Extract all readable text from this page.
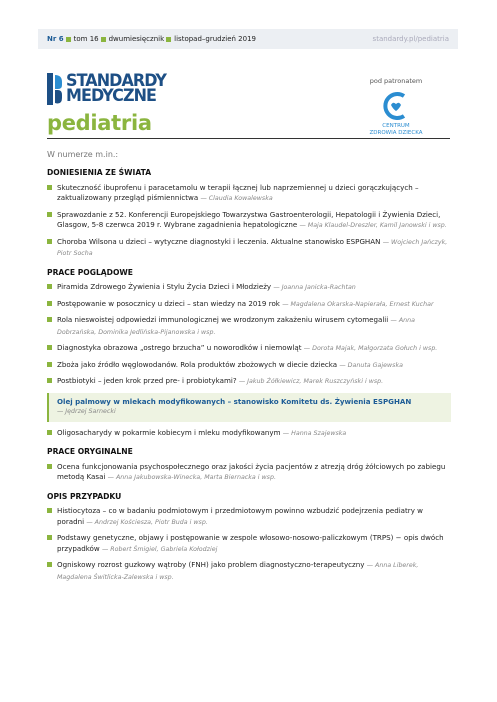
Nr 6 tom 16 dwumiesięcznik listopad–grudzień 2019	standardy.pl/pediatria
STANDARDY
MEDYCZNE
pediatria
pod patronatem
CENTRUM
ZDROWIA DZIECKA
W numerze m.in.:
DONIESIENIA ZE ŚWIATA
Skuteczność ibuprofenu i paracetamolu w terapii łącznej lub naprzemiennej u dzieci gorączkujących – zaktualizowany przegląd piśmiennictwa — Claudia Kowalewska
Sprawozdanie z 52. Konferencji Europejskiego Towarzystwa Gastroenterologii, Hepatologii i Żywienia Dzieci, Glasgow, 5-8 czerwca 2019 r. Wybrane zagadnienia hepatologiczne — Maja Klaudel-Dreszler, Kamil Janowski i wsp.
Choroba Wilsona u dzieci – wytyczne diagnostyki i leczenia. Aktualne stanowisko ESPGHAN — Wojciech Jańczyk, Piotr Socha
PRACE POGLĄDOWE
Piramida Zdrowego Żywienia i Stylu Życia Dzieci i Młodzieży — Joanna Janicka-Rachtan
Postępowanie w posocznicy u dzieci – stan wiedzy na 2019 rok — Magdalena Okarska-Napierała, Ernest Kuchar
Rola nieswoistej odpowiedzi immunologicznej we wrodzonym zakażeniu wirusem cytomegalii — Anna Dobrzańska, Dominika Jedlińska-Pijanowska i wsp.
Diagnostyka obrazowa „ostrego brzucha” u noworodków i niemowląt — Dorota Majak, Małgorzata Gołuch i wsp.
Zboża jako źródło węglowodanów. Rola produktów zbożowych w diecie dziecka — Danuta Gajewska
Postbiotyki – jeden krok przed pre- i probiotykami? — Jakub Żółkiewicz, Marek Ruszczyński i wsp.
Olej palmowy w mlekach modyfikowanych – stanowisko Komitetu ds. Żywienia ESPGHAN
— Jędrzej Sarnecki
Oligosacharydy w pokarmie kobiecym i mleku modyfikowanym — Hanna Szajewska
PRACE ORYGINALNE
Ocena funkcjonowania psychospołecznego oraz jakości życia pacjentów z atrezją dróg żółciowych po zabiegu metodą Kasai — Anna Jakubowska-Winecka, Marta Biernacka i wsp.
OPIS PRZYPADKU
Histiocytoza – co w badaniu podmiotowym i przedmiotowym powinno wzbudzić podejrzenia pediatry w poradni — Andrzej Kościesza, Piotr Buda i wsp.
Podstawy genetyczne, objawy i postępowanie w zespole włosowo-nosowo-paliczkowym (TRPS) − opis dwóch przypadków — Robert Śmigiel, Gabriela Kołodziej
Ogniskowy rozrost guzkowy wątroby (FNH) jako problem diagnostyczno-terapeutyczny — Anna Liberek, Magdalena Świtlicka-Zalewska i wsp.
